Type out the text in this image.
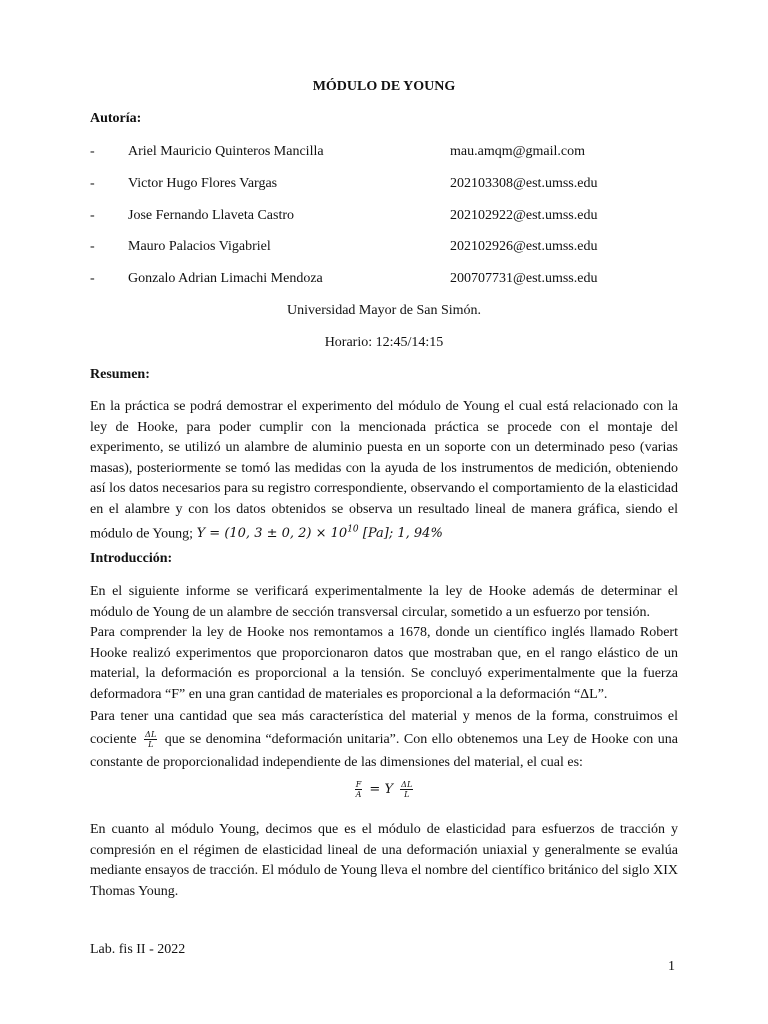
MÓDULO DE YOUNG
Autoría:
- Ariel Mauricio Quinteros Mancilla	mau.amqm@gmail.com
- Victor Hugo Flores Vargas	202103308@est.umss.edu
- Jose Fernando Llaveta Castro	202102922@est.umss.edu
- Mauro Palacios Vigabriel	202102926@est.umss.edu
- Gonzalo Adrian Limachi Mendoza	200707731@est.umss.edu
Universidad Mayor de San Simón.
Horario: 12:45/14:15
Resumen:

En la práctica se podrá demostrar el experimento del módulo de Young el cual está relacionado con la ley de Hooke, para poder cumplir con la mencionada práctica se procede con el montaje del experimento, se utilizó un alambre de aluminio puesta en un soporte con un determinado peso (varias masas), posteriormente se tomó las medidas con la ayuda de los instrumentos de medición, obteniendo así los datos necesarios para su registro correspondiente, observando el comportamiento de la elasticidad en el alambre y con los datos obtenidos se observa un resultado lineal de manera gráfica, siendo el módulo de Young; Y = (10, 3 ± 0, $2) \times 10^{10}$ [Pa]; 1, 94%

Introducción:

En el siguiente informe se verificará experimentalmente la ley de Hooke además de determinar el módulo de Young de un alambre de sección transversal circular, sometido a un esfuerzo por tensión.

Para comprender la ley de Hooke nos remontamos a 1678, donde un científico inglés llamado Robert Hooke realizó experimentos que proporcionaron datos que mostraban que, en el rango elástico de un material, la deformación es proporcional a la tensión. Se concluyó experimentalmente que la fuerza deformadora “F” en una gran cantidad de materiales es proporcional a la deformación “ΔL”.

Para tener una cantidad que sea más característica del material y menos de la forma, construimos el cociente $\frac{\Delta L}{L}$ que se denomina “deformación unitaria”. Con ello obtenemos una Ley de Hooke con una constante de proporcionalidad independiente de las dimensiones del material, el cual es:

$\frac{F}{A} = Y \frac{\Delta L}{L}$
En cuanto al módulo Young, decimos que es el módulo de elasticidad para esfuerzos de tracción y compresión en el régimen de elasticidad lineal de una deformación uniaxial y generalmente se evalúa mediante ensayos de tracción. El módulo de Young lleva el nombre del científico británico del siglo XIX Thomas Young.
Lab. fis II - 2022
1
